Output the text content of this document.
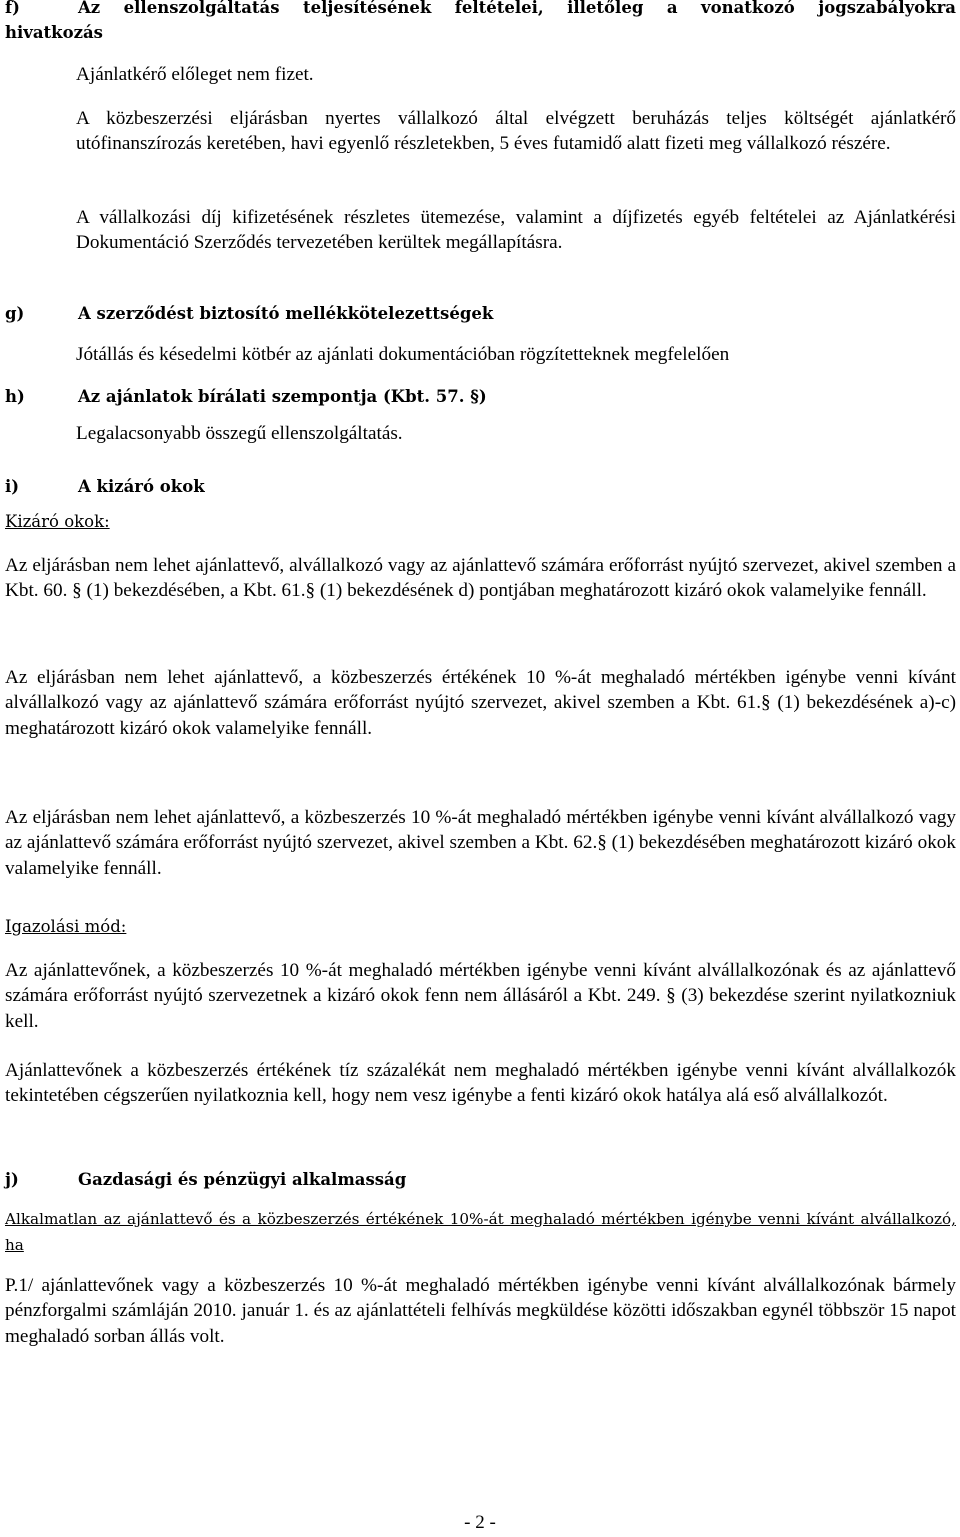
f)	Az ellenszolgáltatás teljesítésének feltételei, illetőleg a vonatkozó jogszabályokra
hivatkozás

Ajánlatkérő előleget nem fizet.

A közbeszerzési eljárásban nyertes vállalkozó által elvégzett beruházás teljes költségét ajánlatkérő utófinanszírozás keretében, havi egyenlő részletekben, 5 éves futamidő alatt fizeti meg vállalkozó részére.

A vállalkozási díj kifizetésének részletes ütemezése, valamint a díjfizetés egyéb feltételei az Ajánlatkérési Dokumentáció Szerződés tervezetében kerültek megállapításra.

g)	A szerződést biztosító mellékkötelezettségek

Jótállás és késedelmi kötbér az ajánlati dokumentációban rögzítetteknek megfelelően

h)	Az ajánlatok bírálati szempontja (Kbt. 57. §)

Legalacsonyabb összegű ellenszolgáltatás.

i)	A kizáró okok
Kizáró okok:

Az eljárásban nem lehet ajánlattevő, alvállalkozó vagy az ajánlattevő számára erőforrást nyújtó szervezet, akivel szemben a Kbt. 60. § (1) bekezdésében, a Kbt. 61.§ (1) bekezdésének d) pontjában meghatározott kizáró okok valamelyike fennáll.

Az eljárásban nem lehet ajánlattevő, a közbeszerzés értékének 10 %-át meghaladó mértékben igénybe venni kívánt alvállalkozó vagy az ajánlattevő számára erőforrást nyújtó szervezet, akivel szemben a Kbt. 61.§ (1) bekezdésének a)-c) meghatározott kizáró okok valamelyike fennáll.

Az eljárásban nem lehet ajánlattevő, a közbeszerzés 10 %-át meghaladó mértékben igénybe venni kívánt alvállalkozó vagy az ajánlattevő számára erőforrást nyújtó szervezet, akivel szemben a Kbt. 62.§ (1) bekezdésében meghatározott kizáró okok valamelyike fennáll.

Igazolási mód:

Az ajánlattevőnek, a közbeszerzés 10 %-át meghaladó mértékben igénybe venni kívánt alvállalkozónak és az ajánlattevő számára erőforrást nyújtó szervezetnek a kizáró okok fenn nem állásáról a Kbt. 249. § (3) bekezdése szerint nyilatkozniuk kell.

Ajánlattevőnek a közbeszerzés értékének tíz százalékát nem meghaladó mértékben igénybe venni kívánt alvállalkozók tekintetében cégszerűen nyilatkoznia kell, hogy nem vesz igénybe a fenti kizáró okok hatálya alá eső alvállalkozót.

j)	Gazdasági és pénzügyi alkalmasság
Alkalmatlan az ajánlattevő és a közbeszerzés értékének 10%-át meghaladó mértékben igénybe venni kívánt alvállalkozó, ha

P.1/ ajánlattevőnek vagy a közbeszerzés 10 %-át meghaladó mértékben igénybe venni kívánt alvállalkozónak bármely pénzforgalmi számláján 2010. január 1. és az ajánlattételi felhívás megküldése közötti időszakban egynél többször 15 napot meghaladó sorban állás volt.

- 2 -
